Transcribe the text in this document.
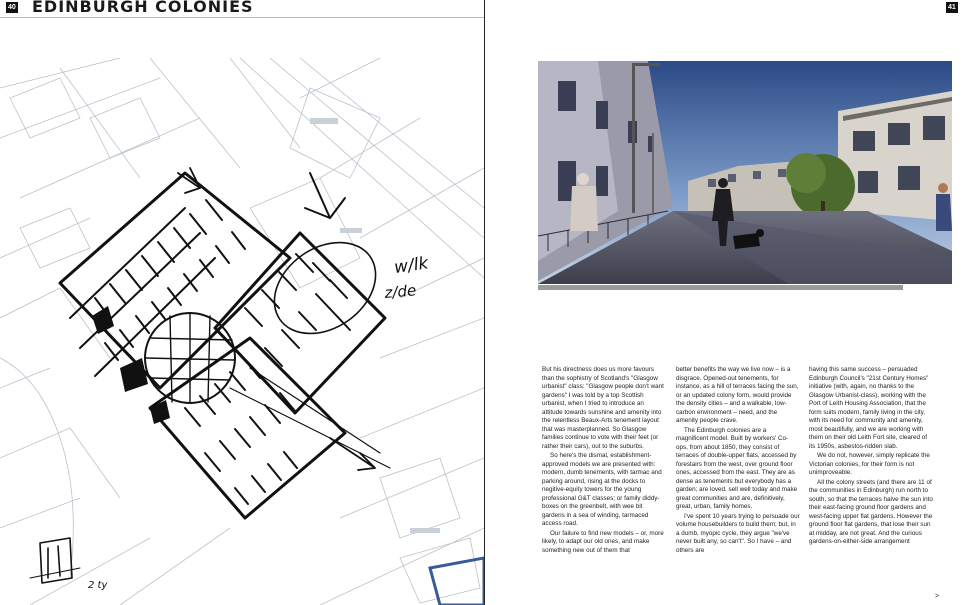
40 EDINBURGH COLONIES
w/lk
z/de
2 ty
41

But his directness does us more favours than the sophistry of Scotland's "Glasgow urbanist" class: "Glasgow people don't want gardens" I was told by a top Scottish urbanist, when I tried to introduce an attitude towards sunshine and amenity into the relentless Beaux-Arts tenement layout that was masterplanned. So Glasgow families continue to vote with their feet (or rather their cars), out to the suburbs.

So here's the dismal, establishment-approved models we are presented with: modern, dumb tenements, with tarmac and parking around, rising at the docks to negitive-equity towers for the young professional G&T classes; or family diddy-boxes on the greenbelt, with wee bit gardens in a sea of winding, tarmaced access road.

Our failure to find new models – or, more likely, to adapt our old ones, and make something new out of them that

better benefits the way we live now – is a disgrace. Opened-out tenements, for instance, as a hill of terraces facing the sun, or an updated colony form, would provide the density cities – and a walkable, low-carbon environment – need, and the amenity people crave.

The Edinburgh colonies are a magnificent model. Built by workers' Co-ops, from about 1850, they consist of terraces of double-upper flats, accessed by forestairs from the west, over ground floor ones, accessed from the east. They are as dense as tenements but everybody has a garden; are loved, sell well today and make great communities and are, definitively, great, urban, family homes.

I've spent 10 years trying to persuade our volume housebuilders to build them; but, in a dumb, myopic cycle, they argue "we've never built any, so can't". So I have – and others are

having this same success – persuaded Edinburgh Council's "21st Century Homes" initiative (with, again, no thanks to the Glasgow Urbanist-class), working with the Port of Leith Housing Association, that the form suits modern, family living in the city, with its need for community and amenity, most beautifully, and we are working with them on their old Leith Fort site, cleared of its 1950s, asbestos-ridden slab.

We do not, however, simply replicate the Victorian colonies, for their form is not unimproveable.

All the colony streets (and there are 11 of the communities in Edinburgh) run north to south, so that the terraces halve the sun into their east-facing ground floor gardens and west-facing upper flat gardens. However the ground floor flat gardens, that lose their sun at midday, are not great. And the curious gardens-on-either-side arrangement

>
